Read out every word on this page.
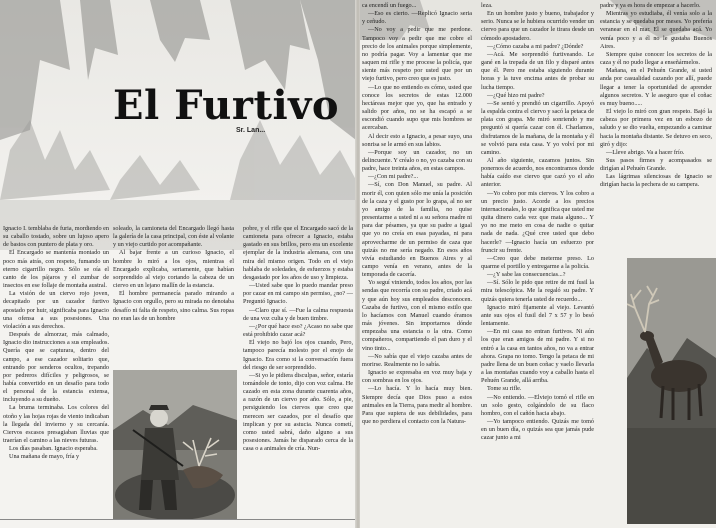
El Furtivo
Sr. Lan...

Ignacio I. temblaba de furia, mordiendo en su caballo tostado, sobre un lujoso apero de bastos con puntero de plata y oro.

El Encargado se mantenía montado un poco más atrás, con respeto, fumando un eterno cigarrillo negro. Sólo se oía el canto de los pájaros y el zumbar de insectos en ese follaje de montaña austral.

La visión de un ciervo rojo joven, decapitado por un cazador furtivo apostado por huir, significaba para Ignacio una ofensa a sus posesiones. Una violación a sus derechos.

Después de almorzar, más calmado, Ignacio dio instrucciones a sus empleados. Quería que se capturara, dentro del campo, a ese cazador solitario que, entrando por senderos ocultos, trepando por pedreros difíciles y peligrosos, se había convertido en un desafío para todo el personal de la estancia extensa, incluyendo a su dueño.

La bruma terminaba. Los colores del otoño y las hojas rojas de viento indicaban la llegada del invierno y su cercanía. Ciervos escasos presagiaban lluvias que traerían el camino a las nieves futuras.

Los días pasaban. Ignacio esperaba.

Una mañana de mayo, fría y

soleado, la camioneta del Encargado llegó hasta la galería de la casa principal, con éste al volante y un viejo curtido por acompañante.

Al bajar frente a un curioso Ignacio, el hombre lo miró a los ojos, mientras el Encargado explicaba, seriamente, que habían sorprendido al viejo cortando la cabeza de un ciervo en un lejano mallín de la estancia.

El hombre permanecía parado mirando a Ignacio con orgullo, pero su mirada no denotaba desafío ni falta de respeto, sino calma. Sus ropas no eran las de un hombre

pobre, y el rifle que el Encargado sacó de la camioneta para ofrecer a Ignacio, estaba gastado en sus brillos, pero era un excelente ejemplar de la industria alemana, con una mira del mismo origen. Todo en el viejo hablaba de soledades, de esfuerzos y estaba desgastado por los años de uso y limpieza.

—Usted sabe que lo puedo mandar preso por cazar en mi campo sin permiso, ¿no? —Preguntó Ignacio.

—Claro que sí. —Fue la calma respuesta de una voz culta y de buen timbre.

—¿Por qué hace eso? ¿Acaso no sabe que está prohibido cazar acá?

El viejo no bajó los ojos cuando, Pero, tampoco parecía molesto por el enojo de Ignacio. Era como si la conversación fuera del riesgo de ser sorprendido.

—Si yo le pidiera disculpas, señor, estaría tomándole de tonto, dijo con voz calma. He cazado en esta zona durante cuarenta años, a razón de un ciervo por año. Sólo, a pie, persiguiendo los ciervos que creo que merecen ser cazados, por el desafío que implican y por su astucia. Nunca cometí, como usted sabrá, daño alguno a sus posesiones. Jamás he disparado cerca de la casa o a animales de cría. Nun-

ca encendí un fuego...

—Eso es cierto. —Replicó Ignacio seria y ceñudo.

—No voy a pedir que me perdone. Tampoco voy a pedir que me cobre el precio de los animales porque simplemente, no podría pagar. Voy a lamentar que me saquen mi rifle y me procese la policía, que siente más respeto por usted que por un viejo furtivo, pero creo que es justo.

—Lo que no entiendo es cómo, usted que conoce los secretos de estas 12.000 hectáreas mejor que yo, que ha entrado y salido por años, no se ha escapó a se escondió cuando supo que mis hombres se acercaban.

Al decir esto a Ignacio, a pesar suyo, una sonrisa se le armó en sus labios.

—Porque soy un cazador, no un delincuente. Y créalo o no, yo cazaba con su padre, hace treinta años, en estas campos.

—¿Con mi padre?...

—Sí, con Don Manuel, su padre. Al morir él, con quien sólo me unía la posición de la caza y el gusto por lo grapa, al no ser yo amigo de la familia, no quise presentarme a usted ni a su señora madre ni para dar pésames, ya que su padre a igual que yo no creía en esas payadas, ni para aprovecharme de un permiso de caza que quizás no me sería negado. En esos años vivía estudiando en Buenos Aires y al campo venía en verano, antes de la temporada de cacería.

Yo seguí viniendo, todos los años, por las sendas que recorría con su padre, criado acá y que aún hoy sus empleados desconocen. Cazaba de furtivo, con el mismo estilo que lo hacíamos con Manuel cuando éramos más jóvenes. Sin importarnos dónde empezaba una estancia o la otra. Como compañeros, compartiendo el pan duro y el vino tinto...

—No sabía que el viejo cazaba antes de morirse. Realmente no lo sabía.

Ignacio se expresaba en voz muy baja y con sombras en los ojos.

—Lo hacía. Y lo hacía muy bien. Siempre decía que Dios puso a estos animales en la Tierra, para medir al hombre. Para que supiera de sus debilidades, para que no perdiera el contacto con la Natura-

leza.

En un hombre justo y bueno, trabajador y serio. Nunca se le hubiera ocurrido vender un ciervo para que un cazador le tirara desde un cómodo apostadero.

—¿Cómo cazaba a mi padre? ¿Dónde?

—Acá. Me sorprendió furtiveando. Le gané en la trepada de un filo y disparé antes que él. Pero me estaba siguiendo durante horas y la tuve encima antes de probar su lucha tiempo.

—¿Qué hizo mi padre?

—Se sentó y prendió un cigarrillo. Apoyó la espalda contra el ciervo y sacó la petaca de plata con grapa. Me miró sonriendo y me preguntó si quería cazar con él. Charlamos, disfrutamos de la mañana, de la montaña y él se volvió para esta casa. Y yo volví por mi camino.

Al año siguiente, cazamos juntos. Sin ponernos de acuerdo, nos encontramos donde había caído ese ciervo que cazó yo el año anterior.

—Yo cobro por mis ciervos. Y los cobro a un precio justo. Acorde a los precios internacionales, lo que significa que usted me quita dinero cada vez que mata alguno... Y yo no me meto en cosa de nadie o quitar nada de nada. ¿Qué cree usted que debo hacerle? —Ignacio hacía un esfuerzo por fruncir su frente.

—Creo que debe meterme preso. Lo quarme el portillo y entregarme a la policía.

—¿Y sabe las consecuencias...?

—Sí. Sólo le pido que retire de mi fusil la mira telescópica. Me la regaló su padre. Y quizás quiera tenerla usted de recuerdo...

Ignacio miró fijamente al viejo. Levantó ante sus ojos el fusil del 7 x 57 y lo besó lentamente.

—En mi casa no entran furtivos. Ni aún los que eran amigos de mi padre. Y si no entró a la casa en tantos años, no va a entrar ahora. Grapa no tomo. Tengo la petaca de mi padre llena de un buen coñac y vaelo llevarla a las montañas cuando voy a caballo hasta el Pehuén Grande, allá arriba.

Tome su rifle.

—No entiendo. —Elviejo tomó el rifle en un solo gesto, colgándolo de su flaco hombro, con el cañón hacia abajo.

—Yo tampoco entiendo. Quizás me tomó en un buen día, o quizás sea que jamás pude cazar junto a mi

padre y ya es hora de empezar a hacerlo.

Mientras yo estudiaba, él venía solo a la estancia y se quedaba por meses. Yo prefería veranear en el mar. El se quedaba acá. Yo venía poco y a él no le gustaba Buenos Aires.

Siempre quise conocer los secretos de la caza y él no pudo llegar a enseñármelos.

Mañana, en el Pehuén Grande, si usted anda por casualidad cazando por allí, puede llegar a tener la oportunidad de aprender algunos secretos. Y le aseguro que el coñac es muy bueno.....

El viejo lo miró con gran respeto. Bajó la cabeza por primera vez en un esbozo de saludo y se dio vuelta, empezando a caminar hacia la montaña distante. Se detuvo en seco, giró y dijo:

—Lleve abrigo. Va a hacer frío.

Sus pasos firmes y acompasados se dirigían al Pehuén Grande.

Las lágrimas silenciosas de Ignacio se dirigían hacia la pechera de su campera.
